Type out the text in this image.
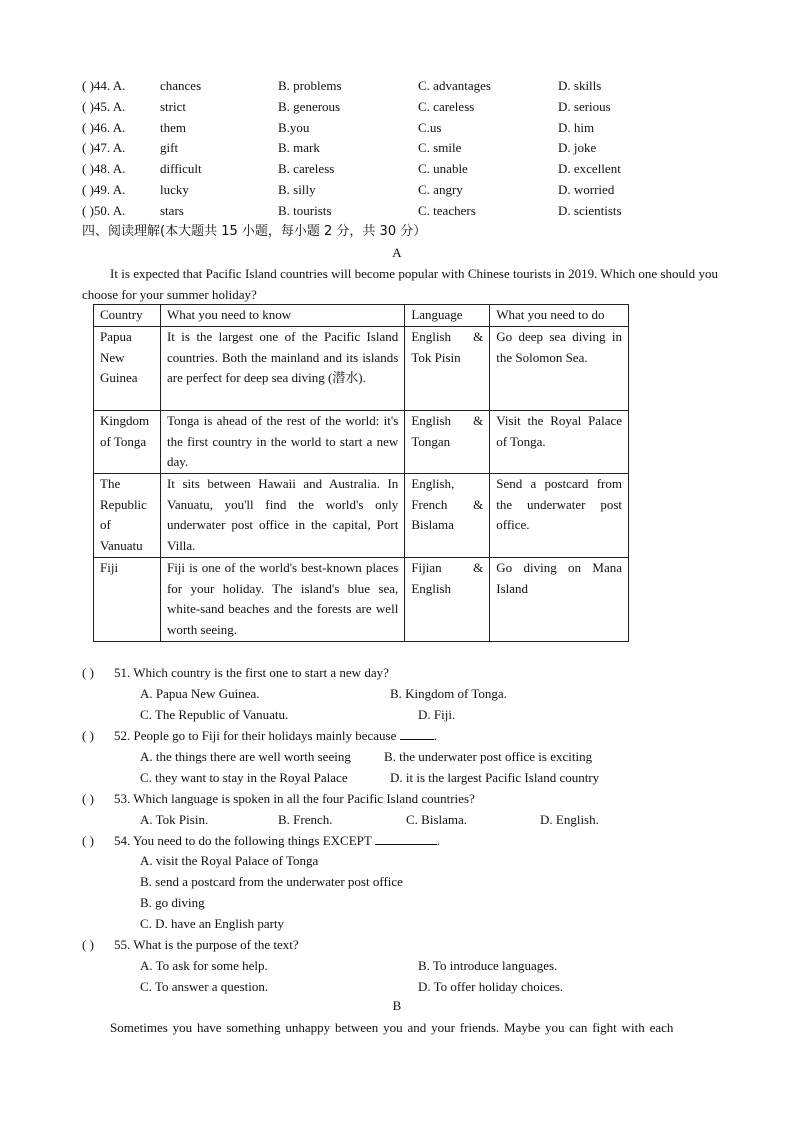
( )44. A.	chances	B. problems	C. advantages	D. skills
( )45. A.	strict	B. generous	C. careless	D. serious
( )46. A.	them	B.you	C.us	D. him
( )47. A.	gift	B. mark	C. smile	D. joke
( )48. A.	difficult	B. careless	C. unable	D. excellent
( )49. A.	lucky	B. silly	C. angry	D. worried
( )50. A.	stars	B. tourists	C. teachers	D. scientists
四、阅读理解(本大题共 15 小题，每小题 2 分，共 30 分）
A
It is expected that Pacific Island countries will become popular with Chinese tourists in 2019. Which one should you choose for your summer holiday?
Country	What you need to know	Language	What you need to do
Papua New Guinea	It is the largest one of the Pacific Island countries. Both the mainland and its islands are perfect for deep sea diving (潜水).	English & Tok Pisin	Go deep sea diving in the Solomon Sea.
Kingdom of Tonga	Tonga is ahead of the rest of the world: it's the first country in the world to start a new day.	English & Tongan	Visit the Royal Palace of Tonga.
The Republic of Vanuatu	It sits between Hawaii and Australia. In Vanuatu, you'll find the world's only underwater post office in the capital, Port Villa.	English, French & Bislama	Send a postcard from the underwater post office.
Fiji	Fiji is one of the world's best-known places for your holiday. The island's blue sea, white-sand beaches and the forests are well worth seeing.	Fijian & English	Go diving on Mana Island
( ) 51. Which country is the first one to start a new day?
A. Papua New Guinea.	B. Kingdom of Tonga.
C. The Republic of Vanuatu.	D. Fiji.
( ) 52. People go to Fiji for their holidays mainly because	.
A. the things there are well worth seeing	B. the underwater post office is exciting
C. they want to stay in the Royal Palace	D. it is the largest Pacific Island country
( ) 53. Which language is spoken in all the four Pacific Island countries?
A. Tok Pisin.	B. French.	C. Bislama.	D. English.
( ) 54. You need to do the following things EXCEPT	.
A. visit the Royal Palace of Tonga
B. send a postcard from the underwater post office
B. go diving
C. D. have an English party
( ) 55. What is the purpose of the text?
A. To ask for some help.	B. To introduce languages.
C. To answer a question.	D. To offer holiday choices.
B
Sometimes you have something unhappy between you and your friends. Maybe you can fight with each
